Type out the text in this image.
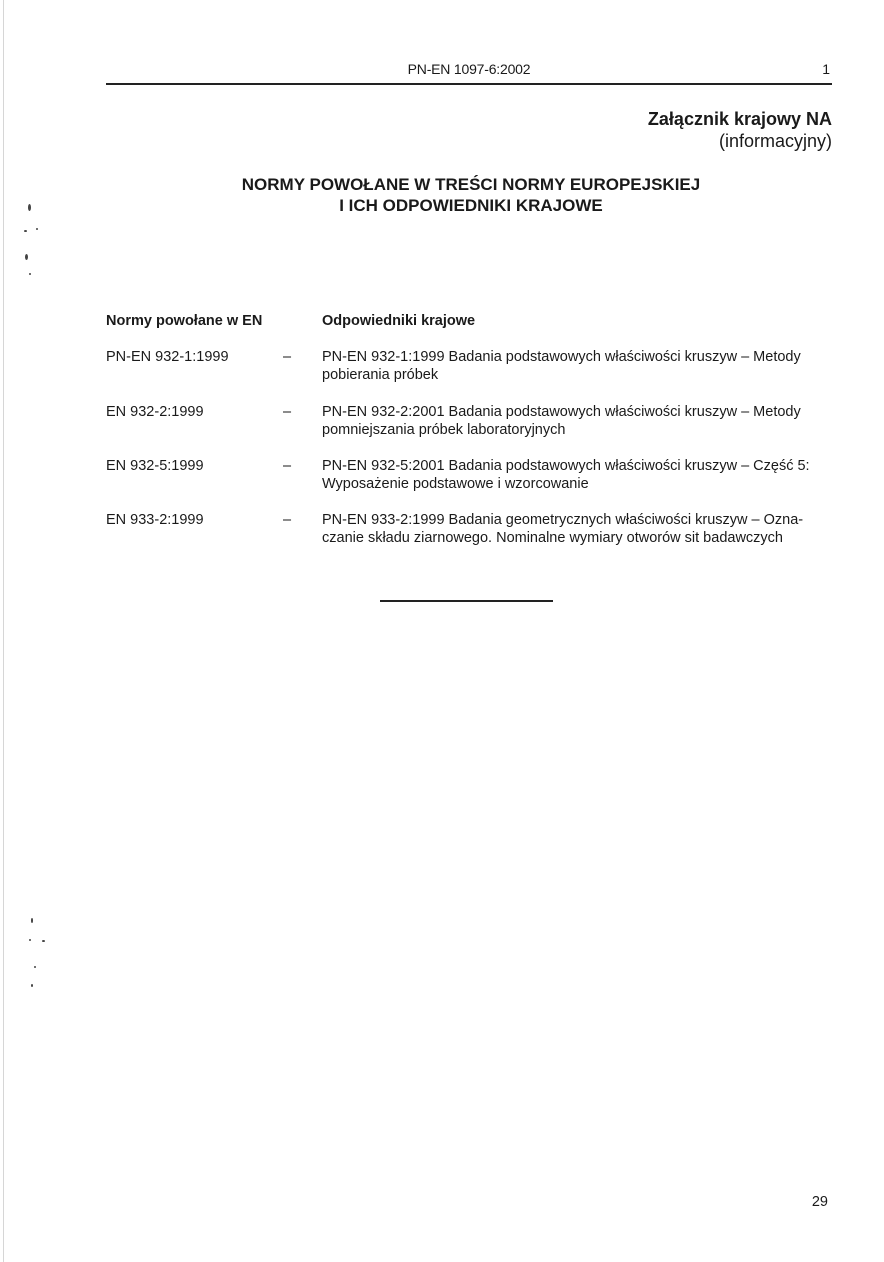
PN-EN 1097-6:2002	1
Załącznik krajowy NA
(informacyjny)
NORMY POWOŁANE W TREŚCI NORMY EUROPEJSKIEJ
I ICH ODPOWIEDNIKI KRAJOWE
Normy powołane w EN	Odpowiedniki krajowe
PN-EN 932-1:1999	– PN-EN 932-1:1999 Badania podstawowych właściwości kruszyw – Metody
pobierania próbek
EN 932-2:1999	– PN-EN 932-2:2001 Badania podstawowych właściwości kruszyw – Metody
pomniejszania próbek laboratoryjnych
EN 932-5:1999	– PN-EN 932-5:2001 Badania podstawowych właściwości kruszyw – Część 5:
Wyposażenie podstawowe i wzorcowanie
EN 933-2:1999	– PN-EN 933-2:1999 Badania geometrycznych właściwości kruszyw – Ozna-
czanie składu ziarnowego. Nominalne wymiary otworów sit badawczych
29
